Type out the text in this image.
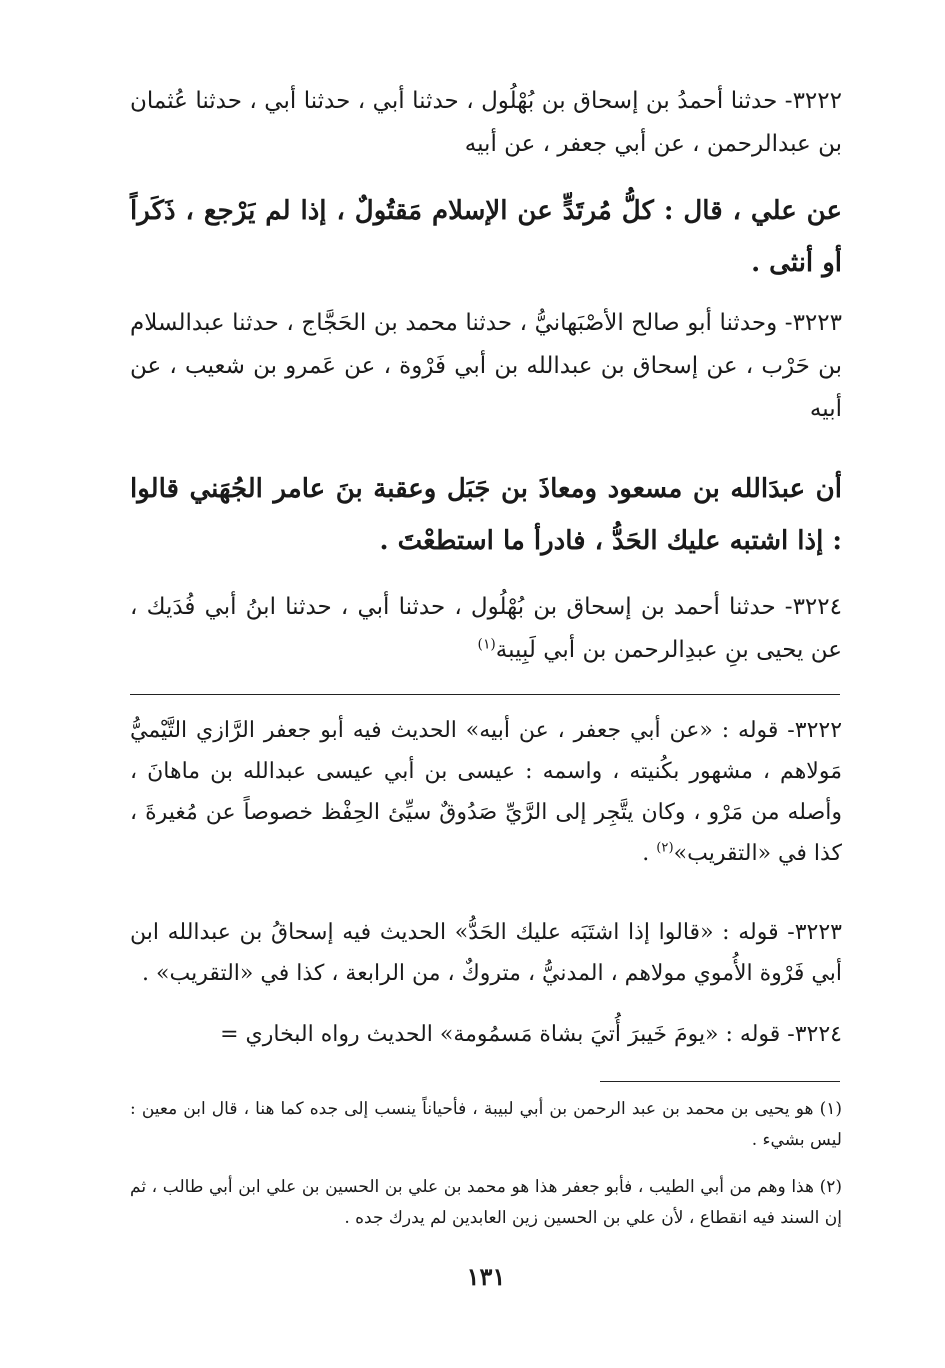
٣٢٢٢- حدثنا أحمدُ بن إسحاق بن بُهْلُول ، حدثنا أبي ، حدثنا أبي ، حدثنا عُثمان بن عبدالرحمن ، عن أبي جعفر ، عن أبيه

عن علي ، قال : كلُّ مُرتَدٍّ عن الإسلام مَقتُولٌ ، إذا لم يَرْجع ، ذَكَراً أو أنثى .

٣٢٢٣- وحدثنا أبو صالح الأصْبَهانيُّ ، حدثنا محمد بن الحَجَّاج ، حدثنا عبدالسلام بن حَرْب ، عن إسحاق بن عبدالله بن أبي فَرْوة ، عن عَمرو بن شعيب ، عن أبيه

أن عبدَالله بن مسعود ومعاذَ بن جَبَل وعقبة بنَ عامر الجُهَني قالوا : إذا اشتبه عليك الحَدُّ ، فادرأ ما استطعْتَ .

٣٢٢٤- حدثنا أحمد بن إسحاق بن بُهْلُول ، حدثنا أبي ، حدثنا ابنُ أبي فُدَيك ، عن يحيى بنِ عبدِالرحمن بن أبي لَبِيبة$^{(١)}$

٣٢٢٢- قوله : «عن أبي جعفر ، عن أبيه» الحديث فيه أبو جعفر الرَّازي التَّيْميُّ مَولاهم ، مشهور بكُنيته ، واسمه : عيسى بن أبي عيسى عبدالله بن ماهانَ ، وأصله من مَرْو ، وكان يتَّجِر إلى الرَّيِّ صَدُوقٌ سيِّئ الحِفْظ خصوصاً عن مُغيرةَ ، كذا في «التقريب»$^{(٢)}$ .

٣٢٢٣- قوله : «قالوا إذا اشتَبَه عليك الحَدُّ» الحديث فيه إسحاقُ بن عبدالله ابن أبي فَرْوة الأُموي مولاهم ، المدنيُّ ، متروكٌ ، من الرابعة ، كذا في «التقريب» .

٣٢٢٤- قوله : «يومَ خَيبرَ أُتيَ بشاة مَسمُومة» الحديث رواه البخاري =

(١) هو يحيى بن محمد بن عبد الرحمن بن أبي لبيبة ، فأحياناً ينسب إلى جده كما هنا ، قال ابن معين : ليس بشيء .

(٢) هذا وهم من أبي الطيب ، فأبو جعفر هذا هو محمد بن علي بن الحسين بن علي ابن أبي طالب ، ثم إن السند فيه انقطاع ، لأن علي بن الحسين زين العابدين لم يدرك جده .

١٣١
